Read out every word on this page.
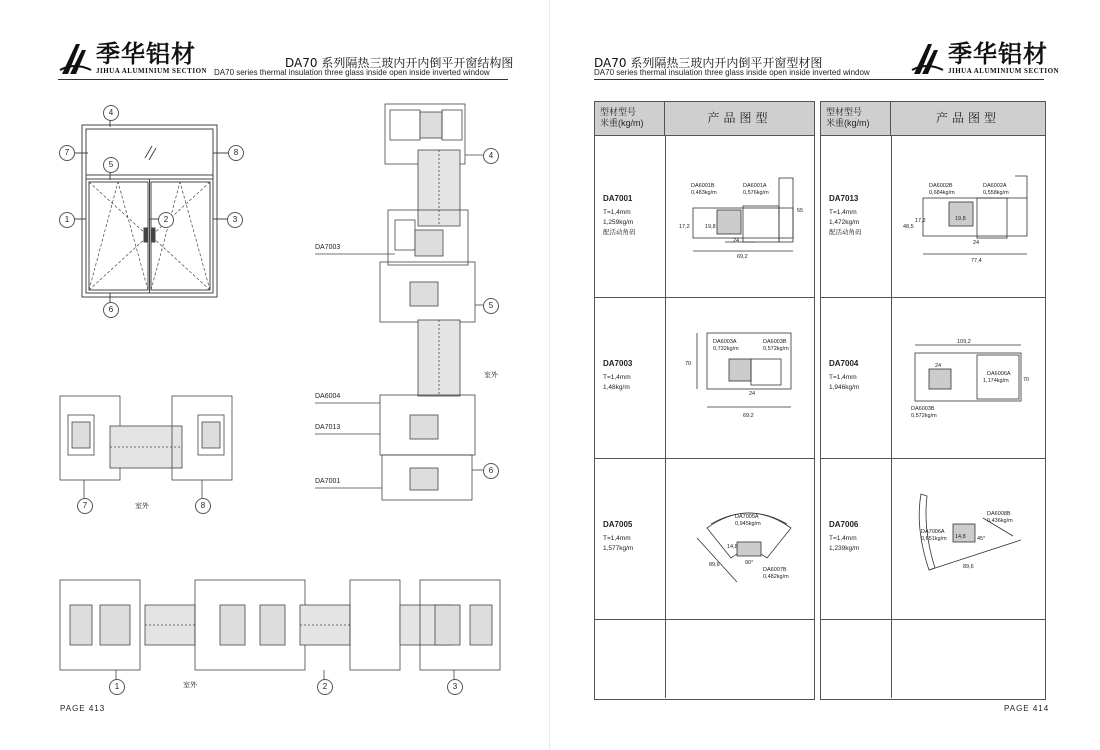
季华铝材
JIHUA ALUMINIUM SECTION
DA70 系列隔热三玻内开内倒平开窗结构图
DA70 series thermal insulation three glass inside open inside inverted window
PAGE 413
4
7	8
5
1	2	3
6
4
5
6
室外
DA7003
DA6004
DA7013
DA7001
7	室外	8
1	室外	2	3
DA70 系列隔热三玻内开内倒平开窗型材图
DA70 series thermal insulation three glass inside open inside inverted window
季华铝材
JIHUA ALUMINIUM SECTION
PAGE 414
型材型号
米重(kg/m)	产品图型
DA7001
T=1,4mm
1,259kg/m
配活动角码
DA6001B
0,483kg/m
DA6001A
0,576kg/m
17,2	19,8
24
55
69,2
DA7003
T=1,4mm
1,48kg/m
DA6003A
0,732kg/m
DA6003B
0,572kg/m
70
24
69,2
DA7005
T=1,4mm
1,577kg/m
DA7005A
0,945kg/m
DA6007B
0,482kg/m
14,8
90°
89,6
型材型号
米重(kg/m)	产品图型
DA7013
T=1,4mm
1,472kg/m
配活动角码
DA6002B
0,684kg/m
DA6002A
0,558kg/m
48,5
17,2	19,8
24
77,4
DA7004
T=1,4mm
1,946kg/m
109,2
24
70
DA6006A
1,174kg/m
DA6003B
0,572kg/m
DA7006
T=1,4mm
1,239kg/m
DA6008B
0,436kg/m
DA7006A
0,651kg/m 14,8 45°
89,6
